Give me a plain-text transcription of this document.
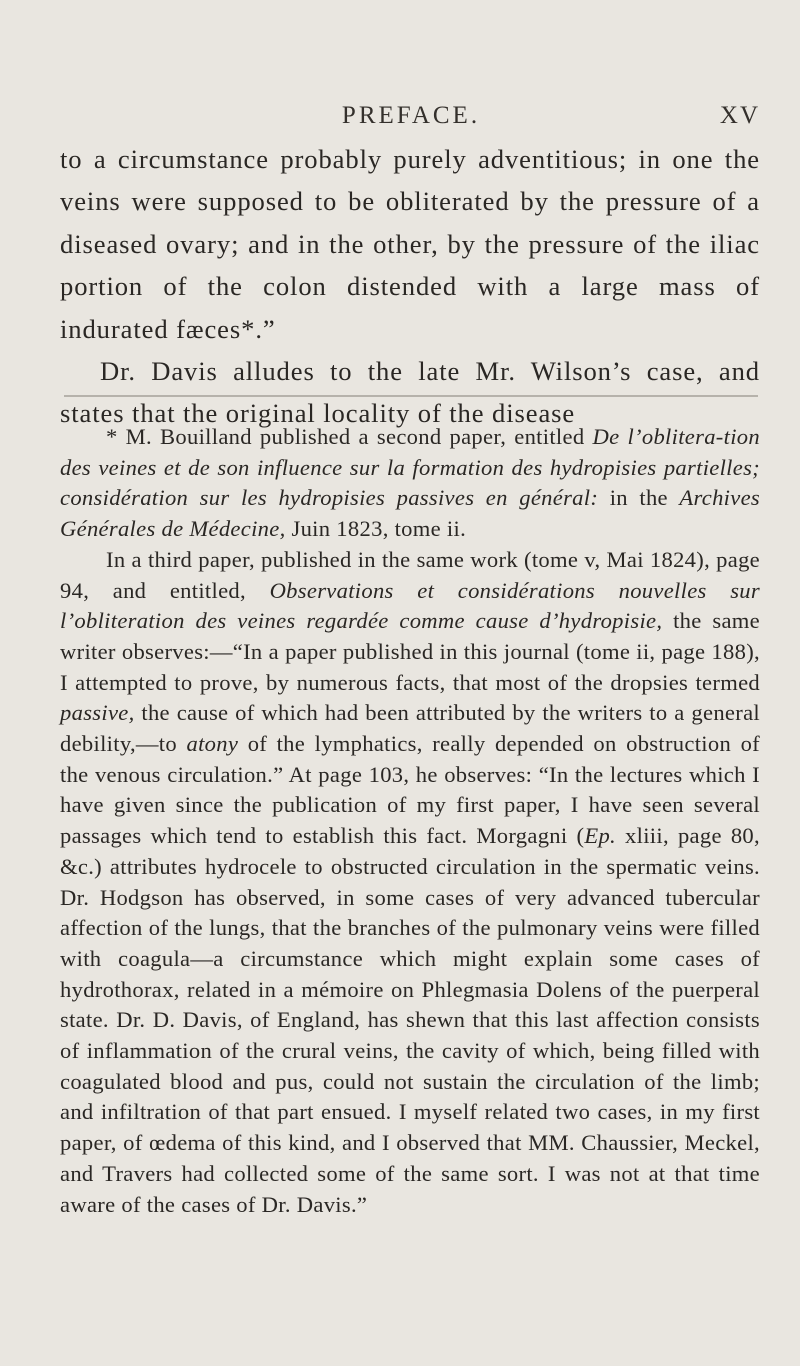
PREFACE.	XV

to a circumstance probably purely adventitious; in one the veins were supposed to be obliterated by the pressure of a diseased ovary; and in the other, by the pressure of the iliac portion of the colon distended with a large mass of indurated fæces*.”

Dr. Davis alludes to the late Mr. Wilson’s case, and states that the original locality of the disease

* M. Bouilland published a second paper, entitled De l’oblitera-tion des veines et de son influence sur la formation des hydropisies partielles; considération sur les hydropisies passives en général: in the Archives Générales de Médecine, Juin 1823, tome ii.

In a third paper, published in the same work (tome v, Mai 1824), page 94, and entitled, Observations et considérations nouvelles sur l’obliteration des veines regardée comme cause d’hydropisie, the same writer observes:—“In a paper published in this journal (tome ii, page 188), I attempted to prove, by numerous facts, that most of the dropsies termed passive, the cause of which had been attributed by the writers to a general debility,—to atony of the lymphatics, really depended on obstruction of the venous circulation.” At page 103, he observes: “In the lectures which I have given since the publication of my first paper, I have seen several passages which tend to establish this fact. Morgagni (Ep. xliii, page 80, &c.) attributes hydrocele to obstructed circulation in the spermatic veins. Dr. Hodgson has observed, in some cases of very advanced tubercular affection of the lungs, that the branches of the pulmonary veins were filled with coagula—a circumstance which might explain some cases of hydrothorax, related in a mémoire on Phlegmasia Dolens of the puerperal state. Dr. D. Davis, of England, has shewn that this last affection consists of inflammation of the crural veins, the cavity of which, being filled with coagulated blood and pus, could not sustain the circulation of the limb; and infiltration of that part ensued. I myself related two cases, in my first paper, of œdema of this kind, and I observed that MM. Chaussier, Meckel, and Travers had collected some of the same sort. I was not at that time aware of the cases of Dr. Davis.”
